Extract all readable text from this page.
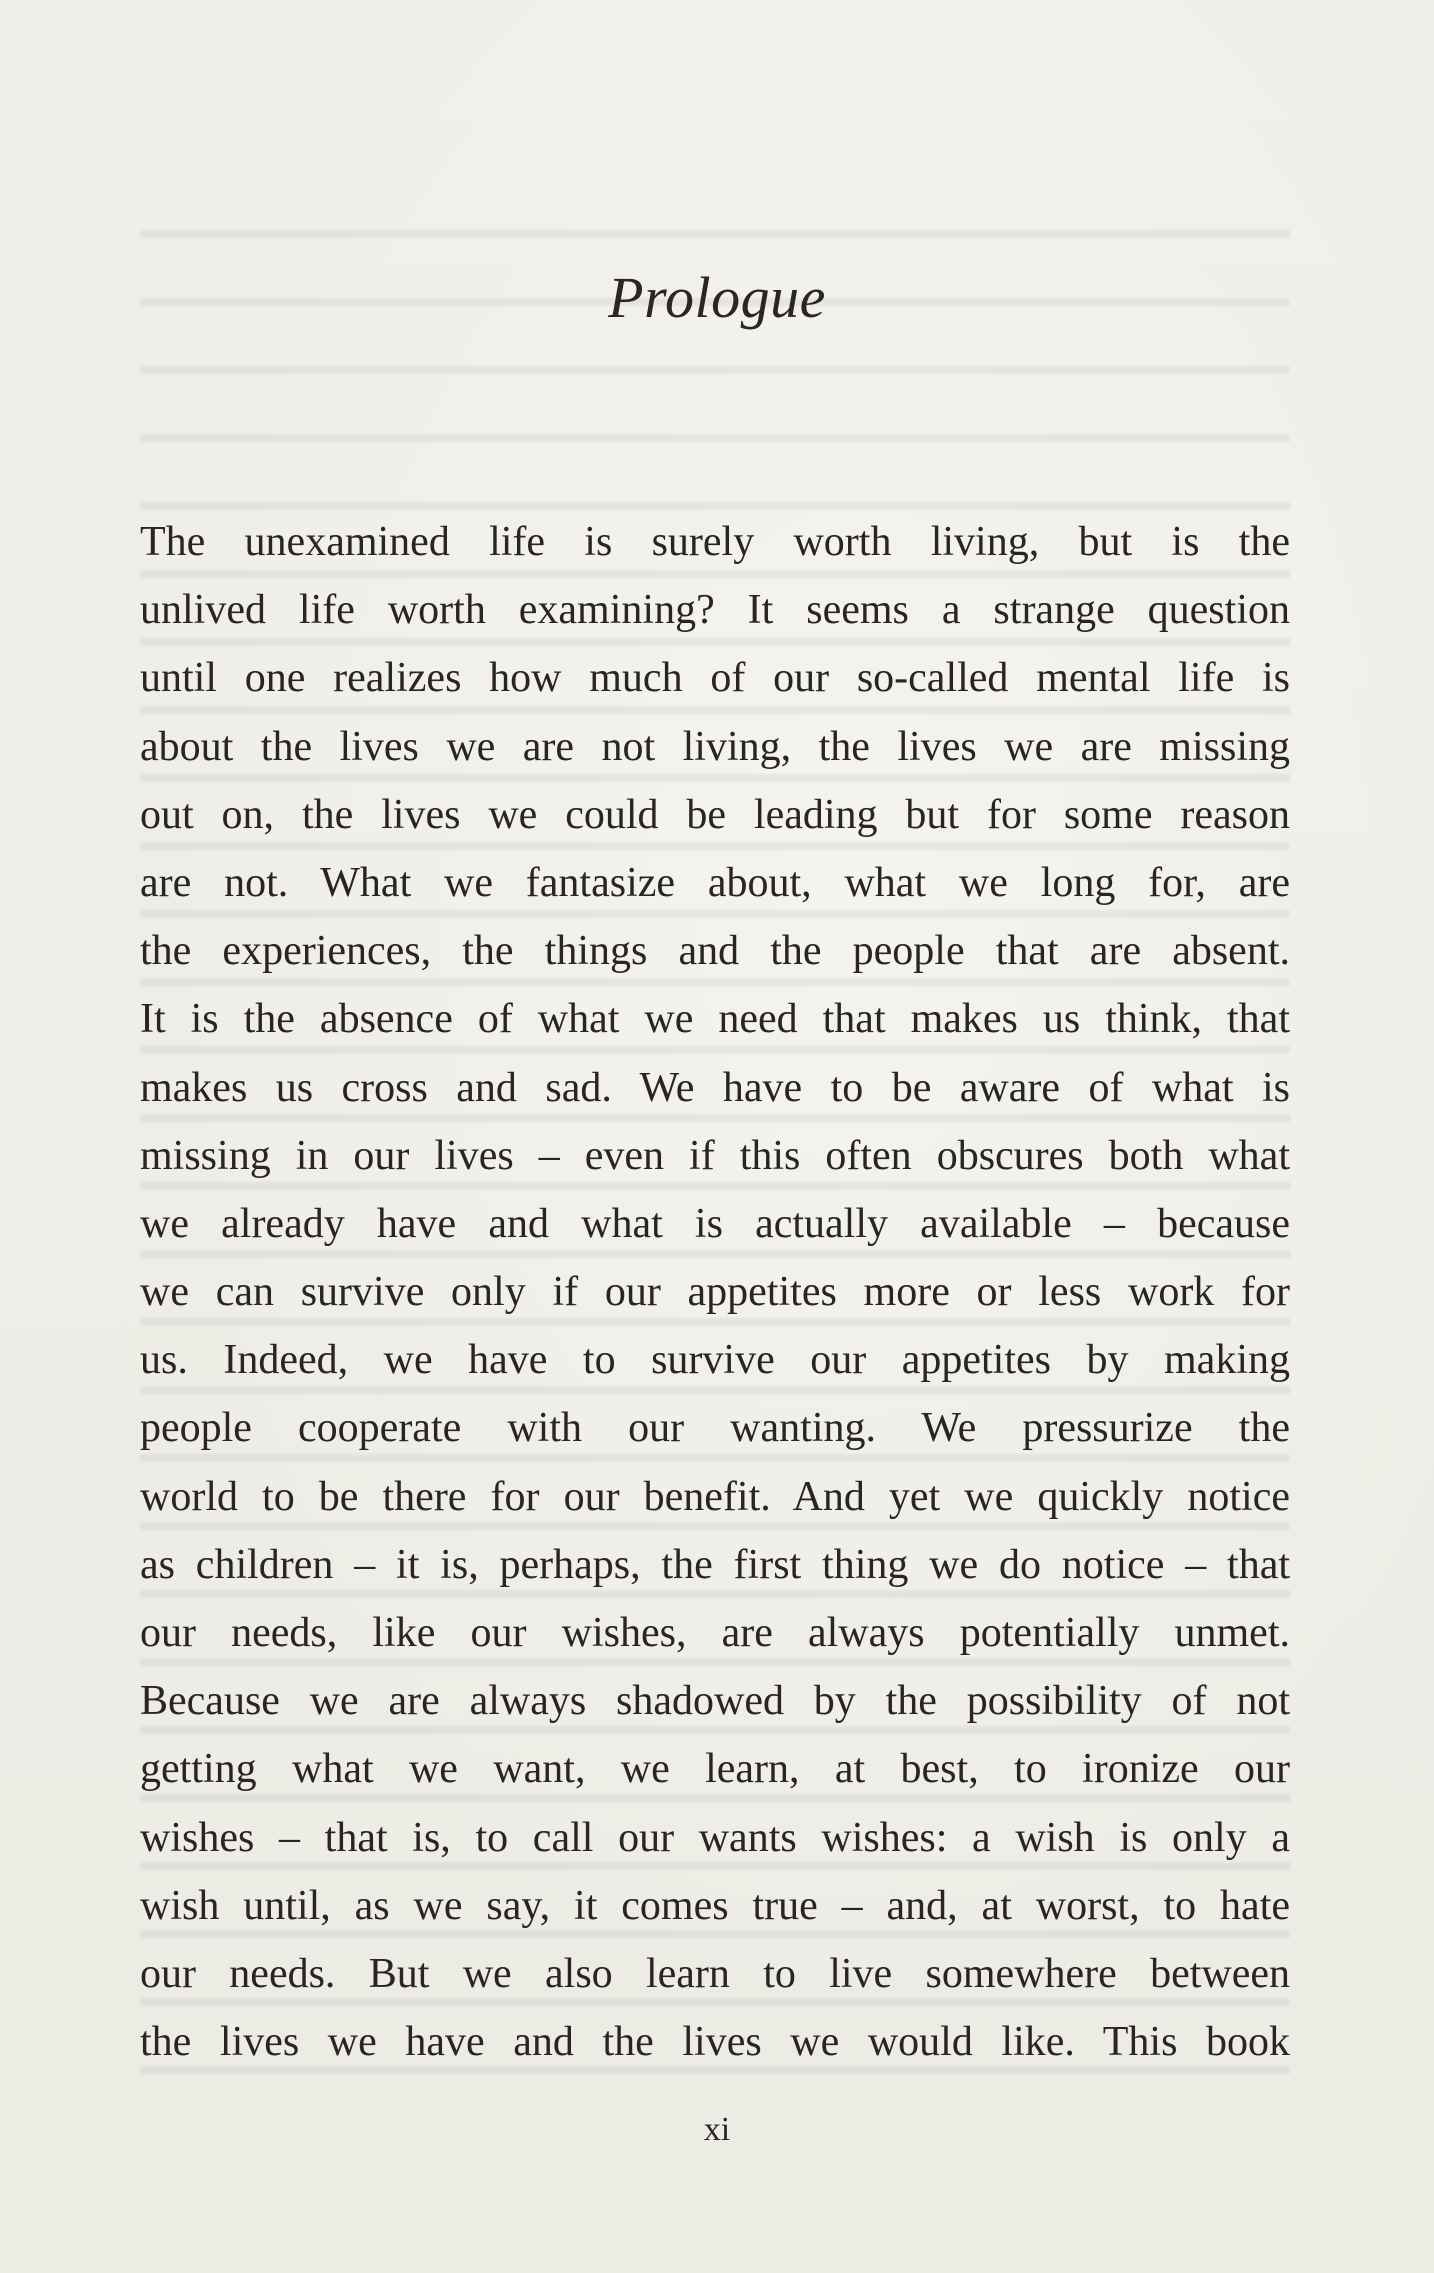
Prologue
The unexamined life is surely worth living, but is the
unlived life worth examining? It seems a strange question
until one realizes how much of our so-called mental life is
about the lives we are not living, the lives we are missing
out on, the lives we could be leading but for some reason
are not. What we fantasize about, what we long for, are
the experiences, the things and the people that are absent.
It is the absence of what we need that makes us think, that
makes us cross and sad. We have to be aware of what is
missing in our lives – even if this often obscures both what
we already have and what is actually available – because
we can survive only if our appetites more or less work for
us. Indeed, we have to survive our appetites by making
people cooperate with our wanting. We pressurize the
world to be there for our benefit. And yet we quickly notice
as children – it is, perhaps, the first thing we do notice – that
our needs, like our wishes, are always potentially unmet.
Because we are always shadowed by the possibility of not
getting what we want, we learn, at best, to ironize our
wishes – that is, to call our wants wishes: a wish is only a
wish until, as we say, it comes true – and, at worst, to hate
our needs. But we also learn to live somewhere between
the lives we have and the lives we would like. This book
xi
